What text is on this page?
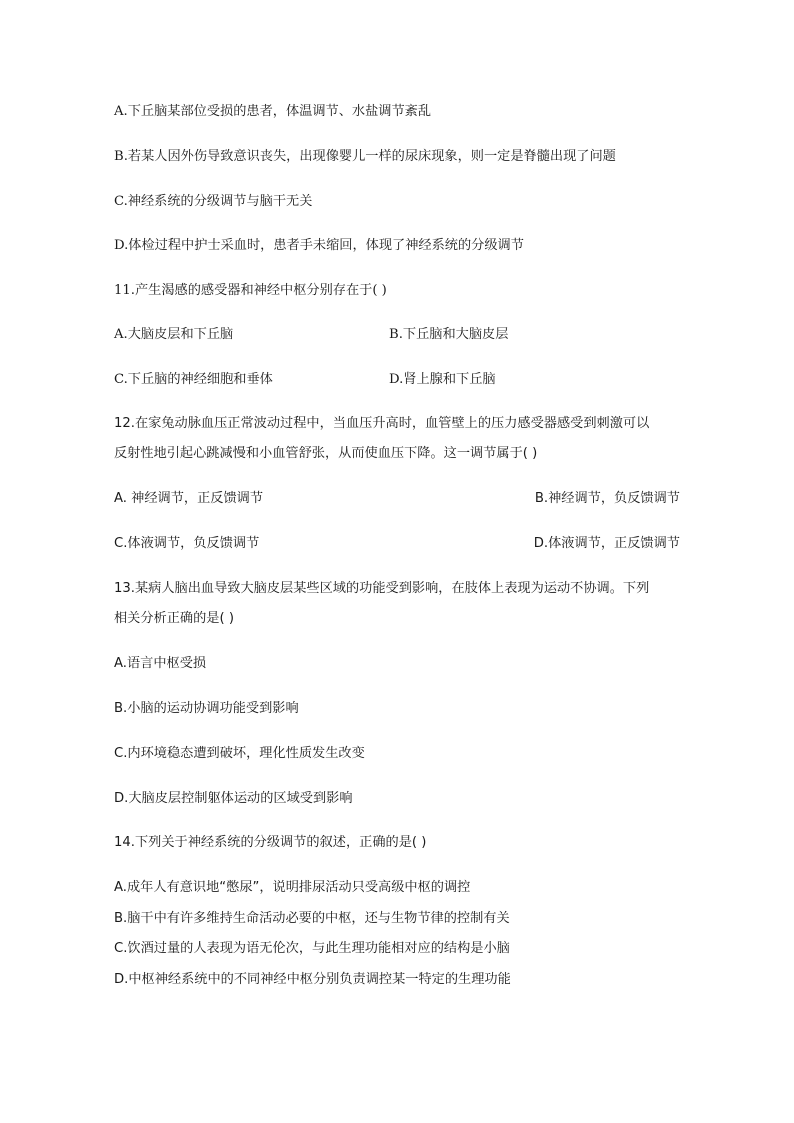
A.下丘脑某部位受损的患者，体温调节、水盐调节紊乱
B.若某人因外伤导致意识丧失，出现像婴儿一样的尿床现象，则一定是脊髓出现了问题
C.神经系统的分级调节与脑干无关
D.体检过程中护士采血时，患者手未缩回，体现了神经系统的分级调节
11.产生渴感的感受器和神经中枢分别存在于( )
A.大脑皮层和下丘脑	B.下丘脑和大脑皮层
C.下丘脑的神经细胞和垂体	D.肾上腺和下丘脑
12.在家兔动脉血压正常波动过程中，当血压升高时，血管壁上的压力感受器感受到刺激可以
反射性地引起心跳减慢和小血管舒张，从而使血压下降。这一调节属于( )
A. 神经调节，正反馈调节	B.神经调节，负反馈调节
C.体液调节，负反馈调节	D.体液调节，正反馈调节
13.某病人脑出血导致大脑皮层某些区域的功能受到影响，在肢体上表现为运动不协调。下列
相关分析正确的是( )
A.语言中枢受损
B.小脑的运动协调功能受到影响
C.内环境稳态遭到破坏，理化性质发生改变
D.大脑皮层控制躯体运动的区域受到影响
14.下列关于神经系统的分级调节的叙述，正确的是( )
A.成年人有意识地“憋尿”，说明排尿活动只受高级中枢的调控
B.脑干中有许多维持生命活动必要的中枢，还与生物节律的控制有关
C.饮酒过量的人表现为语无伦次，与此生理功能相对应的结构是小脑
D.中枢神经系统中的不同神经中枢分别负责调控某一特定的生理功能
